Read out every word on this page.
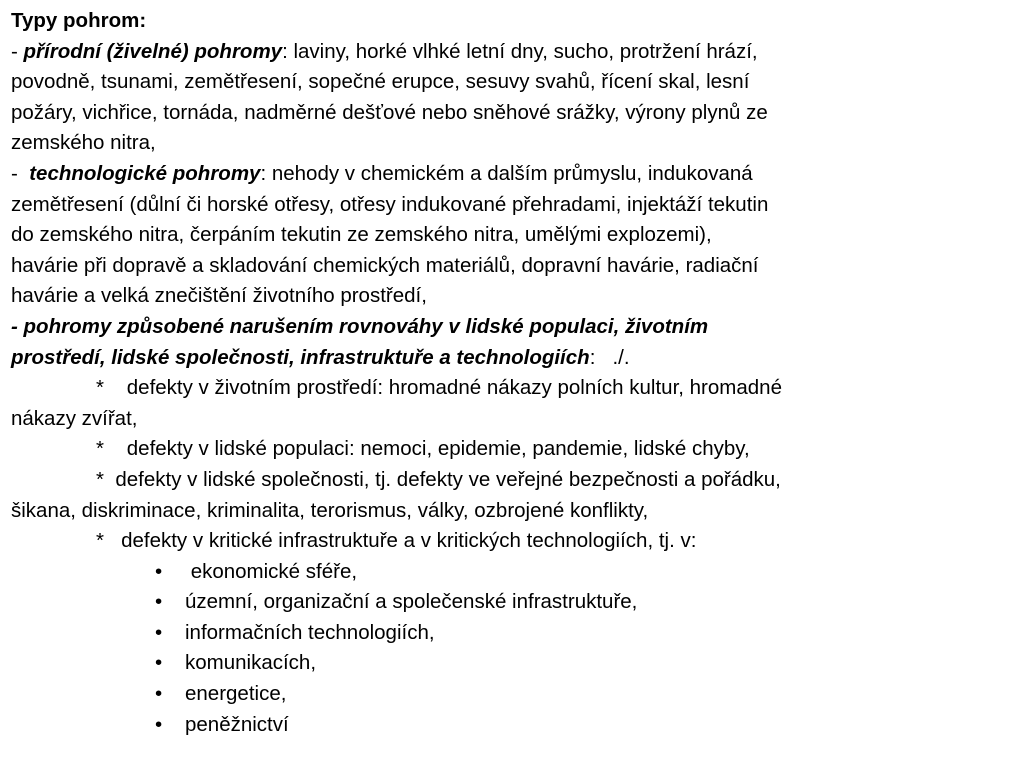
Typy pohrom:
- přírodní (živelné) pohromy: laviny, horké vlhké letní dny, sucho, protržení hrází,
povodně, tsunami, zemětřesení, sopečné erupce, sesuvy svahů, řícení skal, lesní
požáry, vichřice, tornáda, nadměrné dešťové nebo sněhové srážky, výrony plynů ze
zemského nitra,
-  technologické pohromy: nehody v chemickém a dalším průmyslu, indukovaná
zemětřesení (důlní či horské otřesy, otřesy indukované přehradami, injektáží tekutin
do zemského nitra, čerpáním tekutin ze zemského nitra, umělými explozemi),
havárie při dopravě a skladování chemických materiálů, dopravní havárie, radiační
havárie a velká znečištění životního prostředí,
- pohromy způsobené narušením rovnováhy v lidské populaci, životním
prostředí, lidské společnosti, infrastruktuře a technologiích:   ./.
*    defekty v životním prostředí: hromadné nákazy polních kultur, hromadné
nákazy zvířat,
*    defekty v lidské populaci: nemoci, epidemie, pandemie, lidské chyby,
*  defekty v lidské společnosti, tj. defekty ve veřejné bezpečnosti a pořádku,
šikana, diskriminace, kriminalita, terorismus, války, ozbrojené konflikty,
*   defekty v kritické infrastruktuře a v kritických technologiích, tj. v:
• ekonomické sféře,
• územní, organizační a společenské infrastruktuře,
• informačních technologiích,
• komunikacích,
• energetice,
• peněžnictví
